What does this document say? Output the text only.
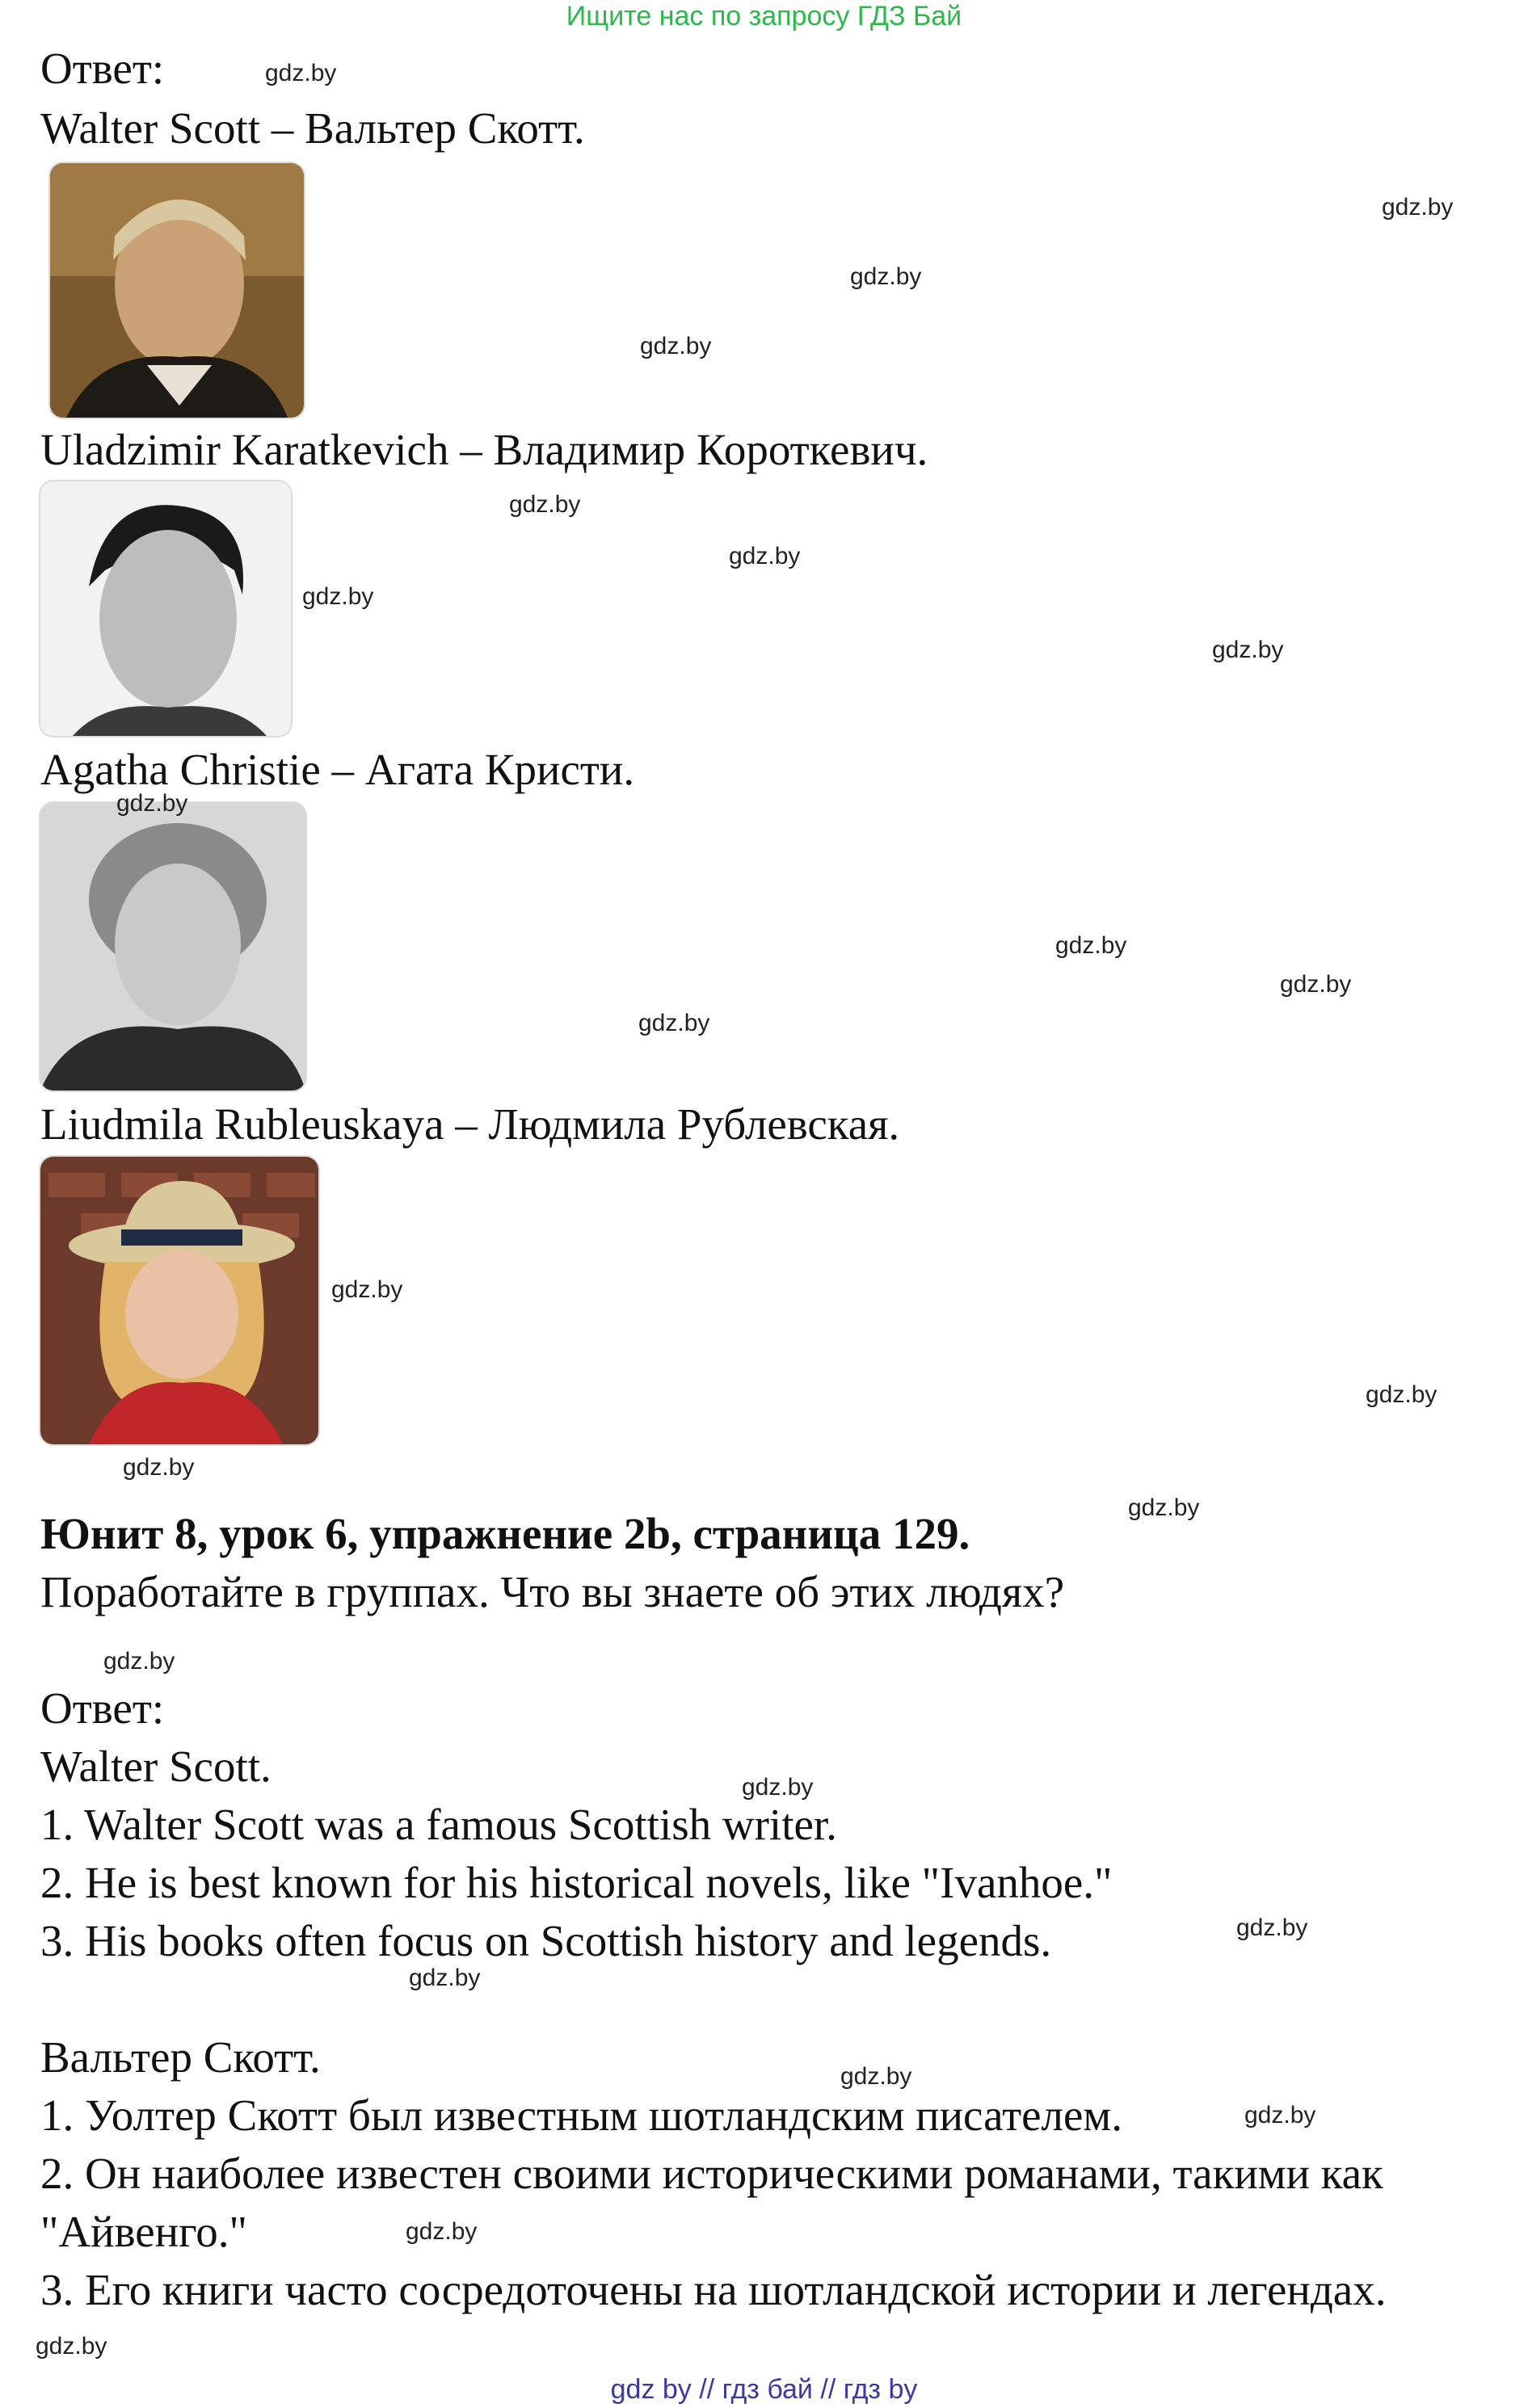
Ищите нас по запросу ГДЗ Бай
Ответ:
Walter Scott – Вальтер Скотт.
Uladzimir Karatkevich – Владимир Короткевич.
Agatha Christie – Агата Кристи.
Liudmila Rubleuskaya – Людмила Рублевская.
Юнит 8, урок 6, упражнение 2b, страница 129.
Поработайте в группах. Что вы знаете об этих людях?
Ответ:
Walter Scott.
1. Walter Scott was a famous Scottish writer.
2. He is best known for his historical novels, like "Ivanhoe."
3. His books often focus on Scottish history and legends.
Вальтер Скотт.
1. Уолтер Скотт был известным шотландским писателем.
2. Он наиболее известен своими историческими романами, такими как
"Айвенго."
3. Его книги часто сосредоточены на шотландской истории и легендах.
gdz.by
gdz.by
gdz.by
gdz.by
gdz.by
gdz.by
gdz.by
gdz.by
gdz.by
gdz.by
gdz.by
gdz.by
gdz.by
gdz.by
gdz.by
gdz.by
gdz.by
gdz.by
gdz.by
gdz.by
gdz.by
gdz.by
gdz.by
gdz.by
gdz by // гдз бай // гдз by
